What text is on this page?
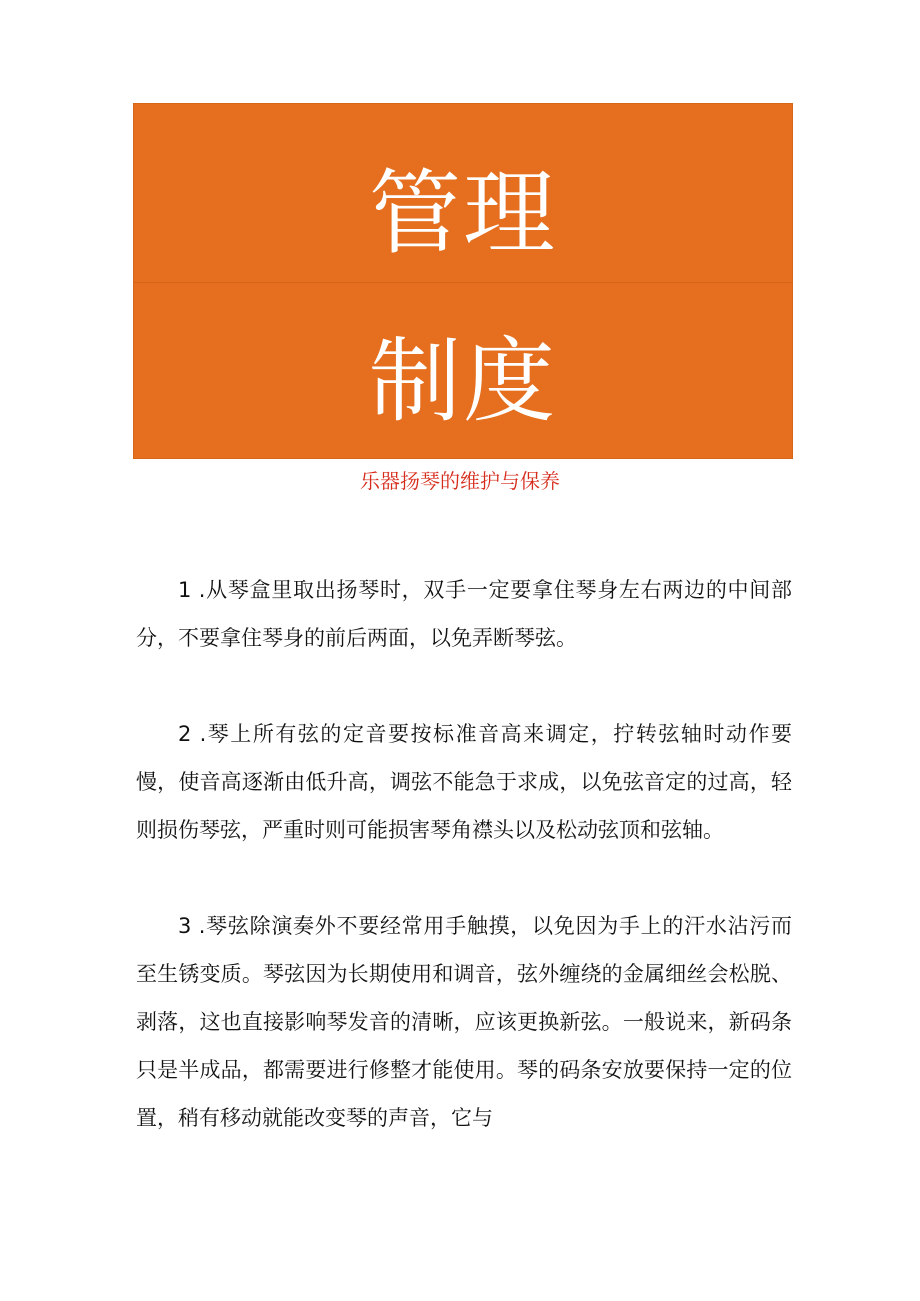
管理
制度
乐器扬琴的维护与保养

1 .从琴盒里取出扬琴时，双手一定要拿住琴身左右两边的中间部分，不要拿住琴身的前后两面，以免弄断琴弦。

2 .琴上所有弦的定音要按标准音高来调定，拧转弦轴时动作要慢，使音高逐渐由低升高，调弦不能急于求成，以免弦音定的过高，轻则损伤琴弦，严重时则可能损害琴角襟头以及松动弦顶和弦轴。

3 .琴弦除演奏外不要经常用手触摸，以免因为手上的汗水沾污而至生锈变质。琴弦因为长期使用和调音，弦外缠绕的金属细丝会松脱、剥落，这也直接影响琴发音的清晰，应该更换新弦。一般说来，新码条只是半成品，都需要进行修整才能使用。琴的码条安放要保持一定的位置，稍有移动就能改变琴的声音，它与
